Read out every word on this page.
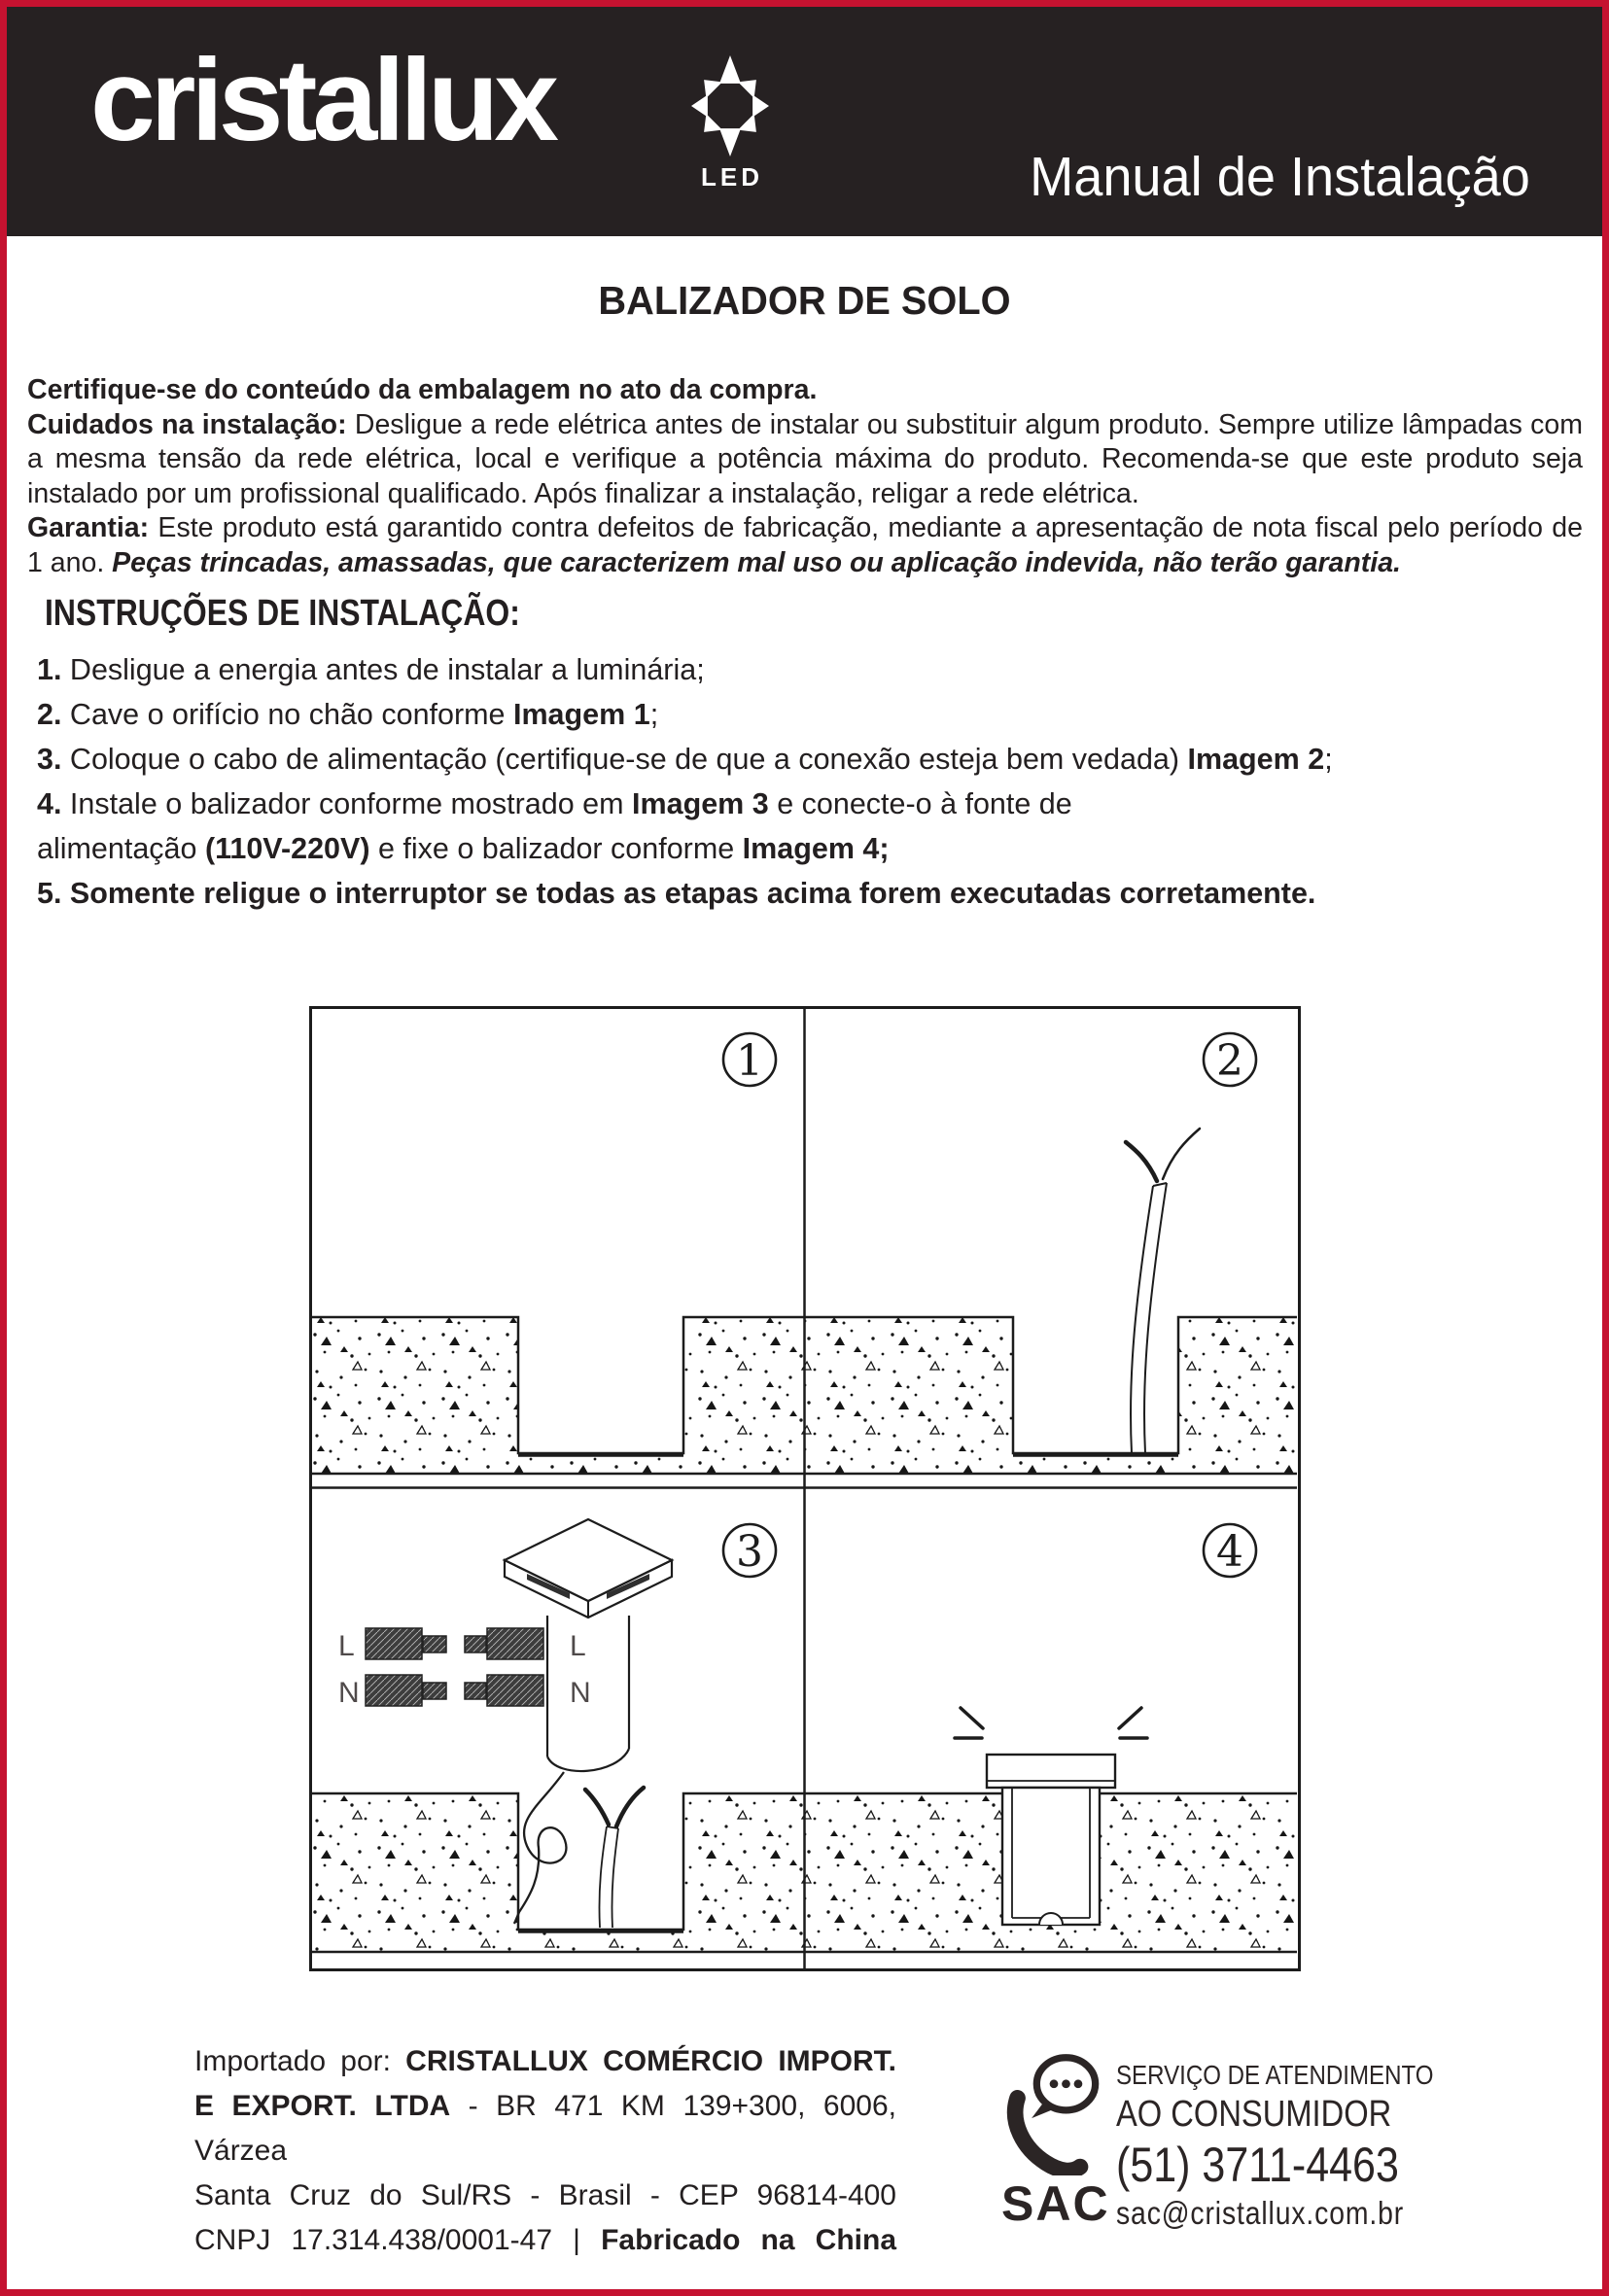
cristallux
LED	Manual de Instalação
BALIZADOR DE SOLO

Certifique-se do conteúdo da embalagem no ato da compra.
Cuidados na instalação: Desligue a rede elétrica antes de instalar ou substituir algum produto. Sempre utilize lâmpadas com a mesma tensão da rede elétrica, local e verifique a potência máxima do produto. Recomenda-se que este produto seja instalado por um profissional qualificado. Após finalizar a instalação, religar a rede elétrica.
Garantia: Este produto está garantido contra defeitos de fabricação, mediante a apresentação de nota fiscal pelo período de 1 ano. Peças trincadas, amassadas, que caracterizem mal uso ou aplicação indevida, não terão garantia.

INSTRUÇÕES DE INSTALAÇÃO:
1. Desligue a energia antes de instalar a luminária;
2. Cave o orifício no chão conforme Imagem 1;
3. Coloque o cabo de alimentação (certifique-se de que a conexão esteja bem vedada) Imagem 2;
4. Instale o balizador conforme mostrado em Imagem 3 e conecte-o à fonte de
alimentação (110V-220V) e fixe o balizador conforme Imagem 4;
5. Somente religue o interruptor se todas as etapas acima forem executadas corretamente.
1	2
3	4
L	L
N	N
Importado por: CRISTALLUX COMÉRCIO IMPORT.
E EXPORT. LTDA - BR 471 KM 139+300, 6006, Várzea
Santa Cruz do Sul/RS - Brasil - CEP 96814-400
CNPJ 17.314.438/0001-47 | Fabricado na China
SAC
SERVIÇO DE ATENDIMENTO
AO CONSUMIDOR
(51) 3711-4463
sac@cristallux.com.br
